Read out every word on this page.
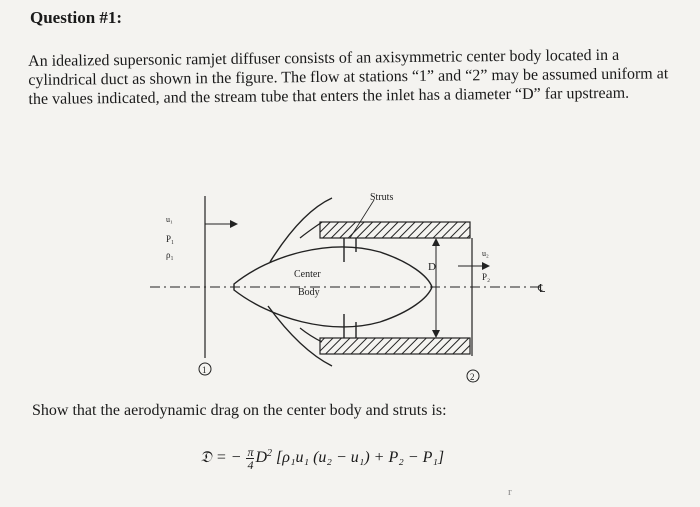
Question #1:
An idealized supersonic ramjet diffuser consists of an axisymmetric center body located in a cylindrical duct as shown in the figure. The flow at stations “1” and “2” may be assumed uniform at the values indicated, and the stream tube that enters the inlet has a diameter “D” far upstream.
Struts
Center
Body
D
℄
1
2
u₁
P₁
ρ₁	u₂
P₂
Show that the aerodynamic drag on the center body and struts is:
𝔇 = − $\frac{\pi}{4} D^2$ [ρ₁u₁ (u₂ − u₁) + P₂ − P₁]
r
